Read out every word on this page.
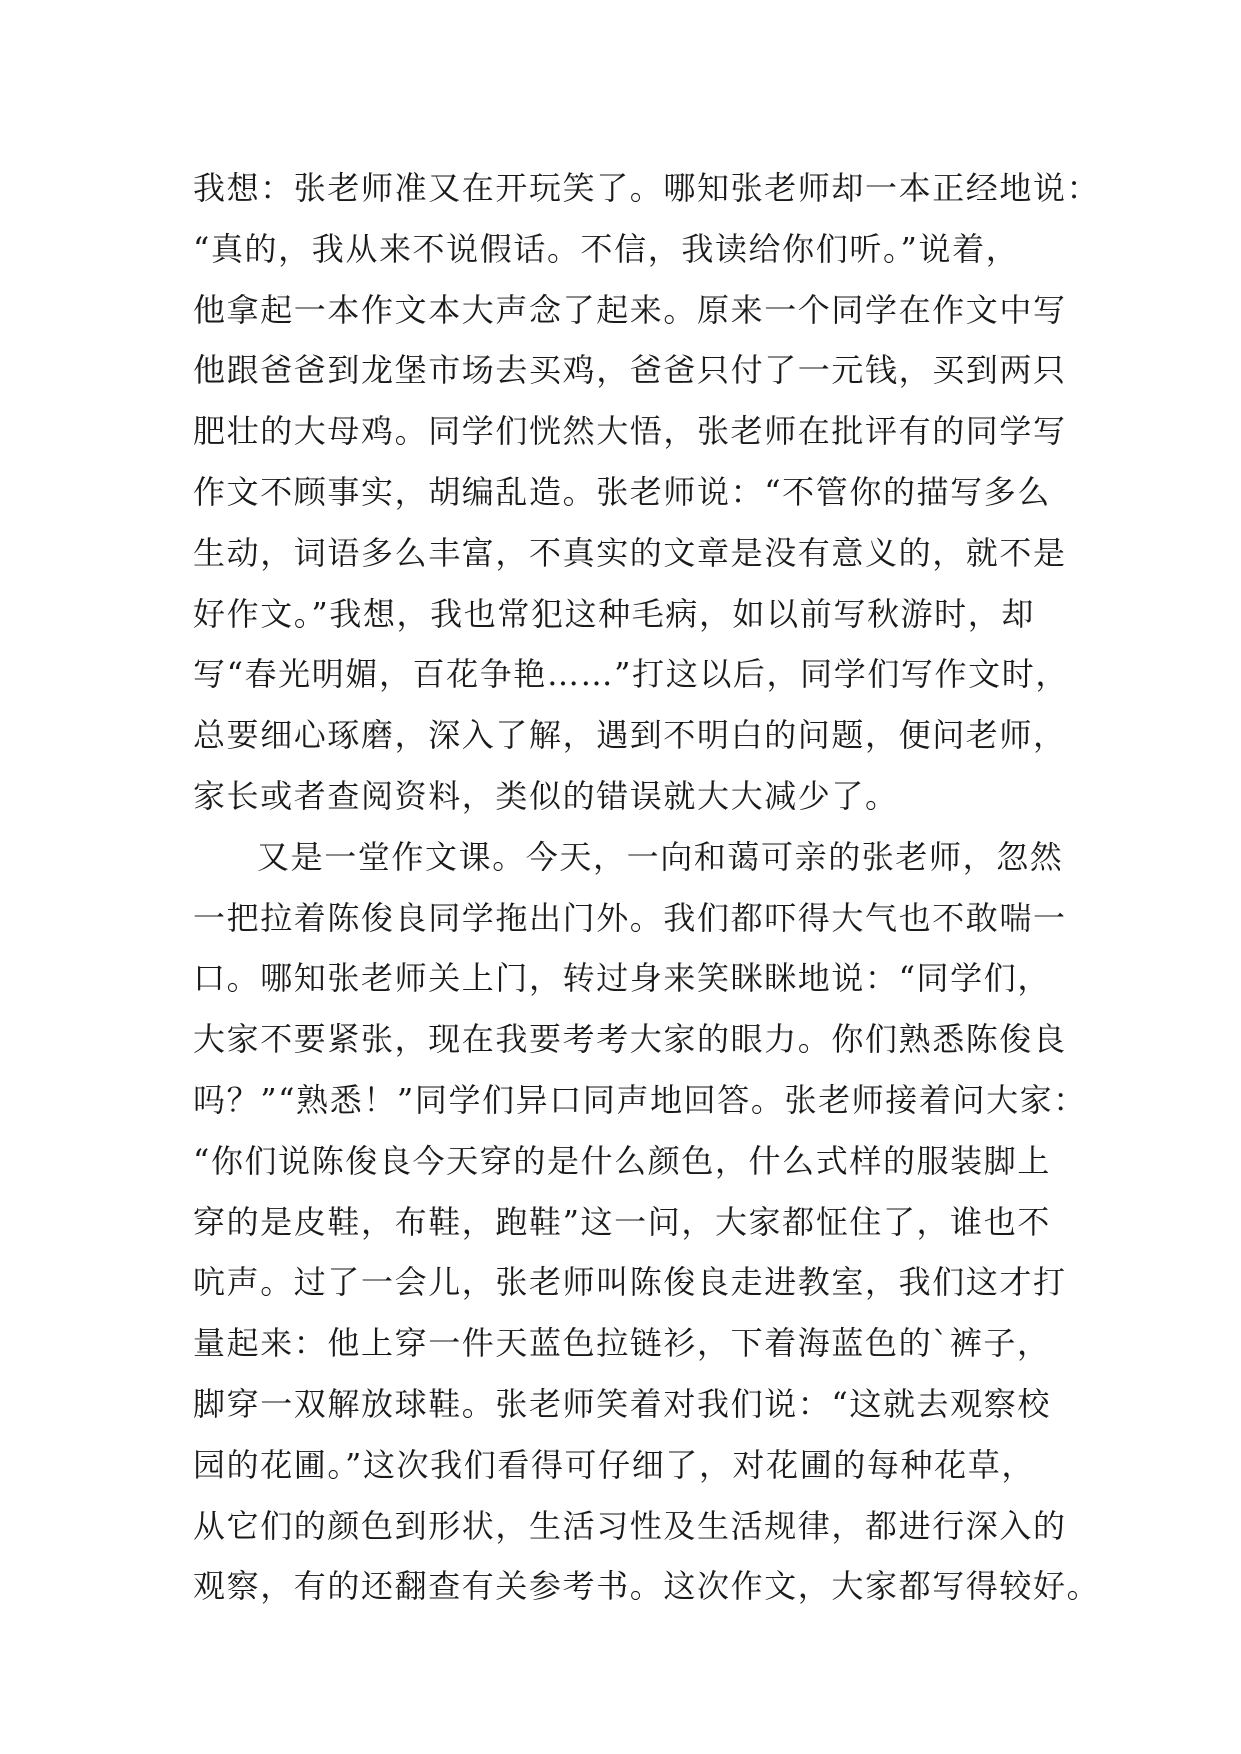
我想：张老师准又在开玩笑了。哪知张老师却一本正经地说：
“真的，我从来不说假话。不信，我读给你们听。”说着，
他拿起一本作文本大声念了起来。原来一个同学在作文中写
他跟爸爸到龙堡市场去买鸡，爸爸只付了一元钱，买到两只
肥壮的大母鸡。同学们恍然大悟，张老师在批评有的同学写
作文不顾事实，胡编乱造。张老师说：“不管你的描写多么
生动，词语多么丰富，不真实的文章是没有意义的，就不是
好作文。”我想，我也常犯这种毛病，如以前写秋游时，却
写“春光明媚，百花争艳……”打这以后，同学们写作文时，
总要细心琢磨，深入了解，遇到不明白的问题，便问老师，
家长或者查阅资料，类似的错误就大大减少了。
又是一堂作文课。今天，一向和蔼可亲的张老师，忽然
一把拉着陈俊良同学拖出门外。我们都吓得大气也不敢喘一
口。哪知张老师关上门，转过身来笑眯眯地说：“同学们，
大家不要紧张，现在我要考考大家的眼力。你们熟悉陈俊良
吗？”“熟悉！”同学们异口同声地回答。张老师接着问大家：
“你们说陈俊良今天穿的是什么颜色，什么式样的服装脚上
穿的是皮鞋，布鞋，跑鞋”这一问，大家都怔住了，谁也不
吭声。过了一会儿，张老师叫陈俊良走进教室，我们这才打
量起来：他上穿一件天蓝色拉链衫，下着海蓝色的`裤子，
脚穿一双解放球鞋。张老师笑着对我们说：“这就去观察校
园的花圃。”这次我们看得可仔细了，对花圃的每种花草，
从它们的颜色到形状，生活习性及生活规律，都进行深入的
观察，有的还翻查有关参考书。这次作文，大家都写得较好。
